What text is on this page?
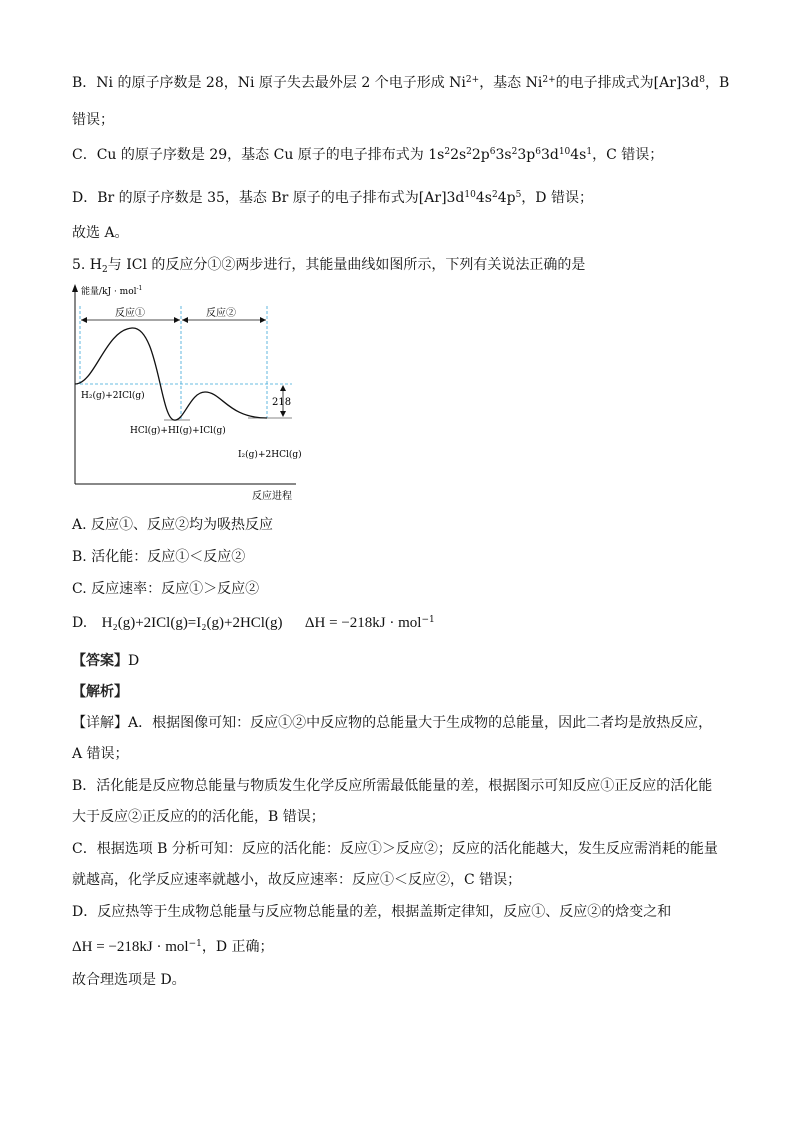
B．Ni 的原子序数是 28，Ni 原子失去最外层 2 个电子形成 $Ni^{2+}$，基态 $Ni^{2+}$的电子排成式为$[Ar]3d^8$，B
错误；
C．Cu 的原子序数是 29，基态 Cu 原子的电子排布式为 $1s^22s^22p^63s^23p^63d^{10}4s^1$，C 错误；
D．Br 的原子序数是 35，基态 Br 原子的电子排布式为$[Ar]3d^{10}4s^24p^5$，D 错误；
故选 A。
5. $H_2$与 ICl 的反应分①②两步进行，其能量曲线如图所示，下列有关说法正确的是
能量/kJ · mol$^{-1}$
反应进程
反应①	反应②
218
H₂(g)+2ICl(g)
HCl(g)+HI(g)+ICl(g)
I₂(g)+2HCl(g)
A. 反应①、反应②均为吸热反应
B. 活化能：反应①＜反应②
C. 反应速率：反应①＞反应②
D. H₂(g)+2ICl(g)=I₂(g)+2HCl(g) ΔH = −218kJ · mol$^{-1}$
【答案】D
【解析】
【详解】A．根据图像可知：反应①②中反应物的总能量大于生成物的总能量，因此二者均是放热反应，
A 错误；
B．活化能是反应物总能量与物质发生化学反应所需最低能量的差，根据图示可知反应①正反应的活化能
大于反应②正反应的的活化能，B 错误；
C．根据选项 B 分析可知：反应的活化能：反应①＞反应②；反应的活化能越大，发生反应需消耗的能量
就越高，化学反应速率就越小，故反应速率：反应①＜反应②，C 错误；
D．反应热等于生成物总能量与反应物总能量的差，根据盖斯定律知，反应①、反应②的焓变之和
ΔH = −218kJ · mol$^{-1}$，D 正确；
故合理选项是 D。
